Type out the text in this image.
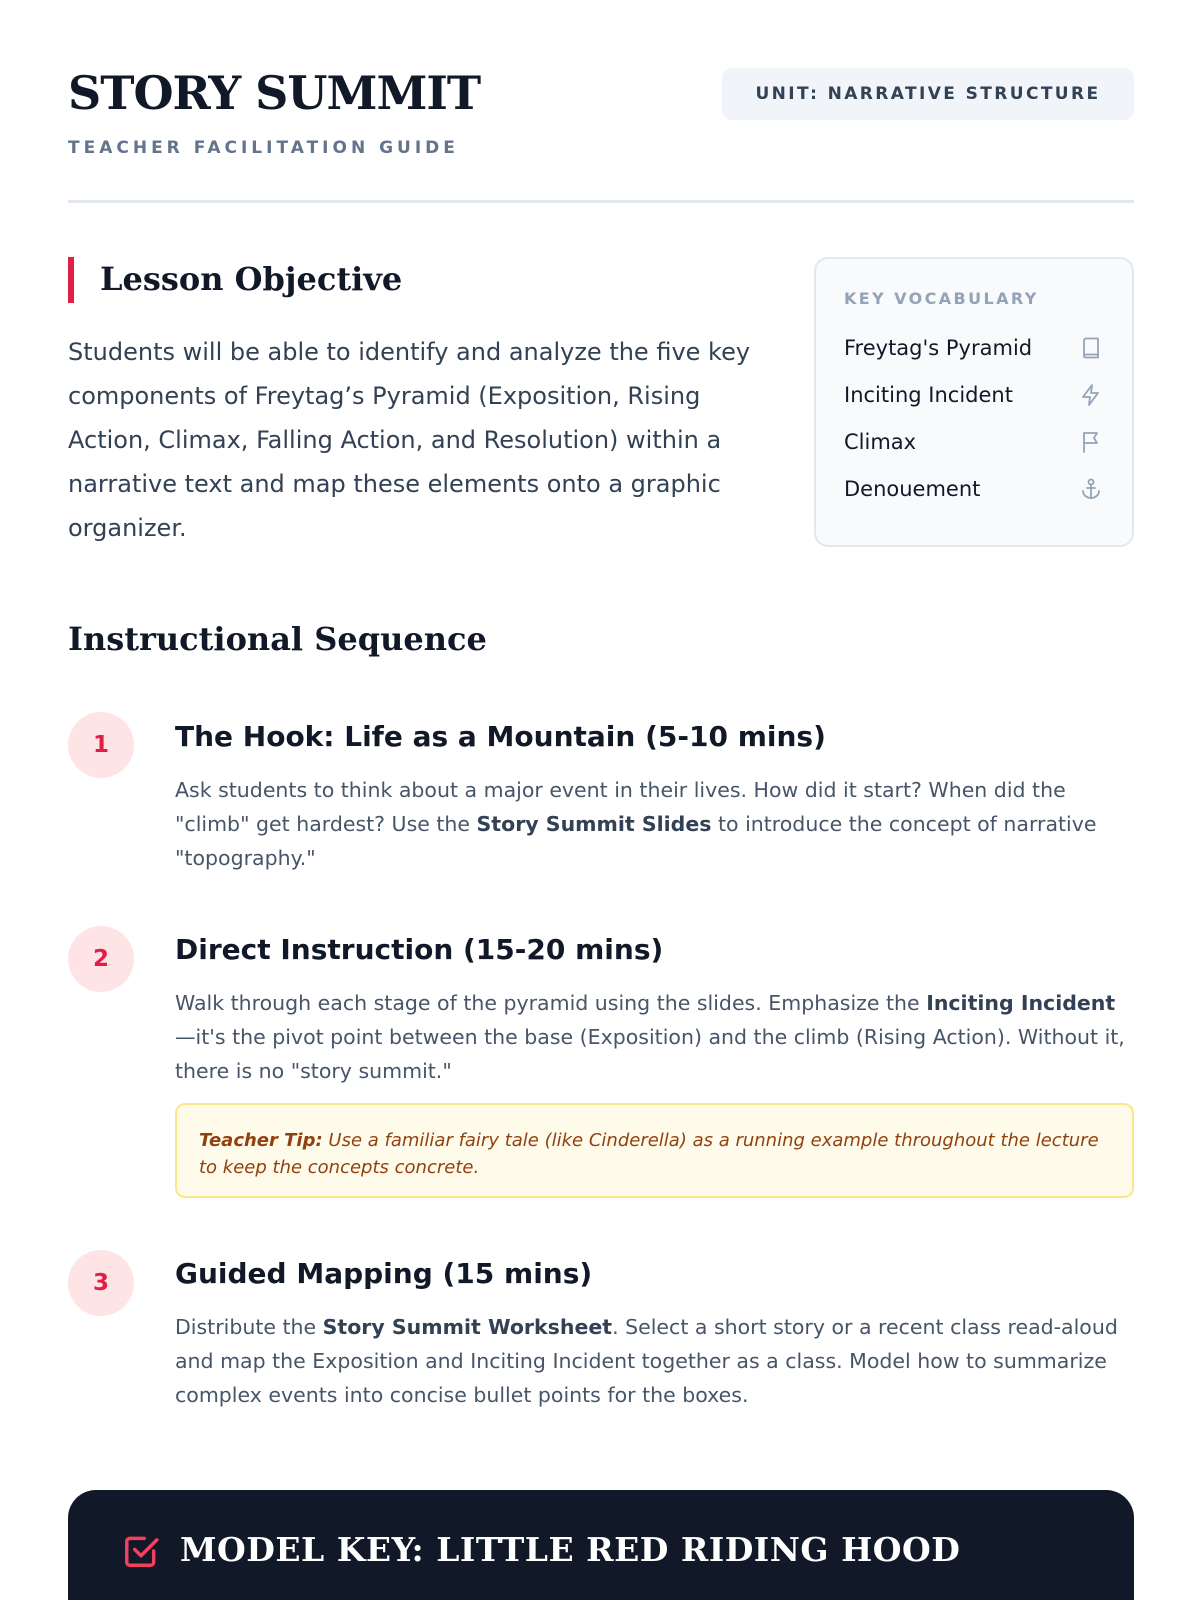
STORY SUMMIT
TEACHER FACILITATION GUIDE
UNIT: NARRATIVE STRUCTURE
Lesson Objective
Students will be able to identify and analyze the five key components of Freytag’s Pyramid (Exposition, Rising Action, Climax, Falling Action, and Resolution) within a narrative text and map these elements onto a graphic organizer.
KEY VOCABULARY
Freytag's Pyramid
Inciting Incident
Climax
Denouement
Instructional Sequence
1	The Hook: Life as a Mountain (5-10 mins)
Ask students to think about a major event in their lives. How did it start? When did the "climb" get hardest? Use the Story Summit Slides to introduce the concept of narrative "topography."
2	Direct Instruction (15-20 mins)
Walk through each stage of the pyramid using the slides. Emphasize the Inciting Incident—it's the pivot point between the base (Exposition) and the climb (Rising Action). Without it, there is no "story summit."
Teacher Tip: Use a familiar fairy tale (like Cinderella) as a running example throughout the lecture to keep the concepts concrete.
3	Guided Mapping (15 mins)
Distribute the Story Summit Worksheet. Select a short story or a recent class read-aloud and map the Exposition and Inciting Incident together as a class. Model how to summarize complex events into concise bullet points for the boxes.
MODEL KEY: LITTLE RED RIDING HOOD
